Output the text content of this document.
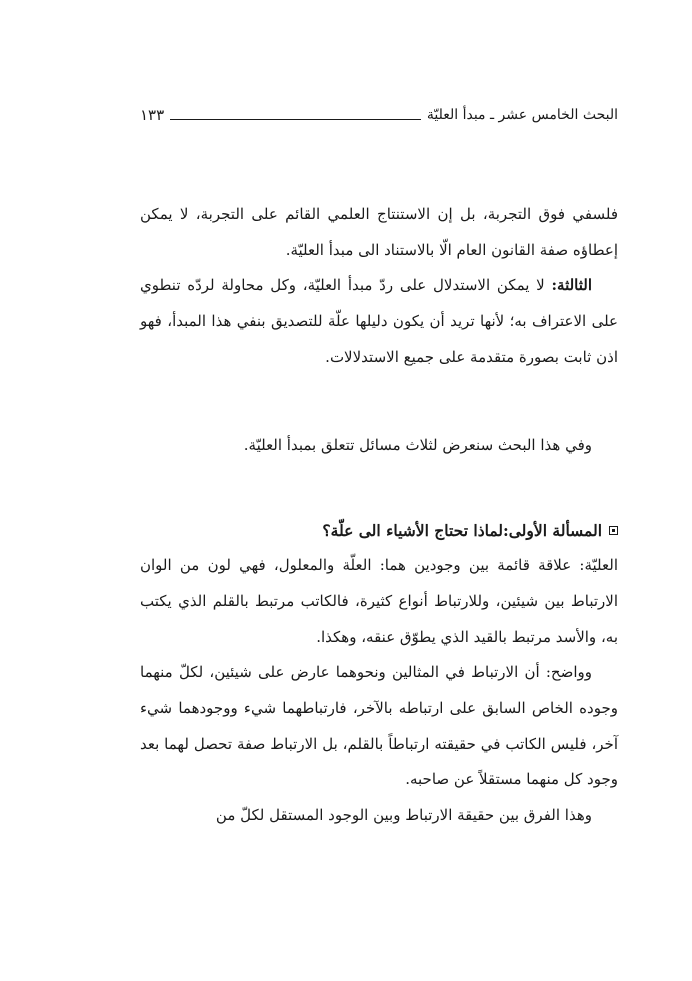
البحث الخامس عشر ـ مبدأ العليّة
١٣٣

فلسفي فوق التجربة، بل إن الاستنتاج العلمي القائم على التجربة، لا يمكن إعطاؤه صفة القانون العام الّا بالاستناد الى مبدأ العليّة.

الثالثة: لا يمكن الاستدلال على ردّ مبدأ العليّة، وكل محاولة لردّه تنطوي على الاعتراف به؛ لأنها تريد أن يكون دليلها علّة للتصديق بنفي هذا المبدأ، فهو اذن ثابت بصورة متقدمة على جميع الاستدلالات.

وفي هذا البحث سنعرض لثلاث مسائل تتعلق بمبدأ العليّة.

المسألة الأولى:
لماذا تحتاج الأشياء الى علّة؟

العليّة: علاقة قائمة بين وجودين هما: العلّة والمعلول، فهي لون من الوان الارتباط بين شيئين، وللارتباط أنواع كثيرة، فالكاتب مرتبط بالقلم الذي يكتب به، والأسد مرتبط بالقيد الذي يطوّق عنقه، وهكذا.

وواضح: أن الارتباط في المثالين ونحوهما عارض على شيئين، لكلّ منهما وجوده الخاص السابق على ارتباطه بالآخر، فارتباطهما شيء ووجودهما شيء آخر، فليس الكاتب في حقيقته ارتباطاً بالقلم، بل الارتباط صفة تحصل لهما بعد وجود كل منهما مستقلاً عن صاحبه.

وهذا الفرق بين حقيقة الارتباط وبين الوجود المستقل لكلّ من
